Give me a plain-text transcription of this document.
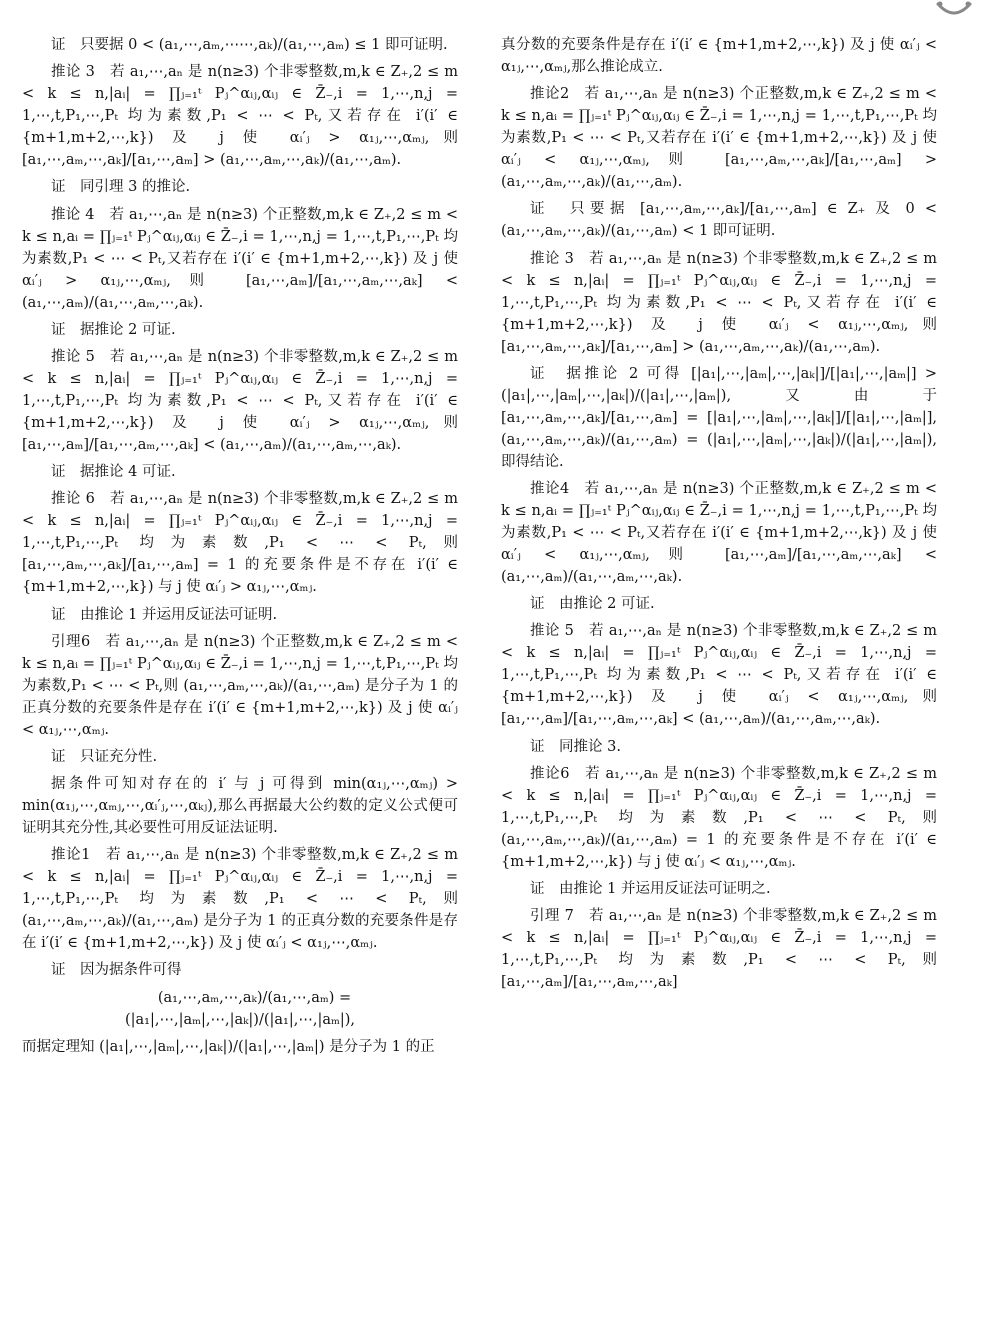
证　只要据 0 < (a₁,⋯,aₘ,⋯⋯,aₖ)/(a₁,⋯,aₘ) ≤ 1 即可证明.

推论 3　若 a₁,⋯,aₙ 是 n(n≥3) 个非零整数,m,k ∈ Z₊,2 ≤ m < k ≤ n,|aᵢ| = ∏ⱼ₌₁ᵗ Pⱼ^αᵢⱼ,αᵢⱼ ∈ Z̄₋,i = 1,⋯,n,j = 1,⋯,t,P₁,⋯,Pₜ 均为素数,P₁ < ⋯ < Pₜ,又若存在 i′(i′ ∈ {m+1,m+2,⋯,k}) 及 j 使 αᵢ′ⱼ > α₁ⱼ,⋯,αₘⱼ,则 [a₁,⋯,aₘ,⋯,aₖ]/[a₁,⋯,aₘ] > (a₁,⋯,aₘ,⋯,aₖ)/(a₁,⋯,aₘ).

证　同引理 3 的推论.

推论 4　若 a₁,⋯,aₙ 是 n(n≥3) 个正整数,m,k ∈ Z₊,2 ≤ m < k ≤ n,aᵢ = ∏ⱼ₌₁ᵗ Pⱼ^αᵢⱼ,αᵢⱼ ∈ Z̄₋,i = 1,⋯,n,j = 1,⋯,t,P₁,⋯,Pₜ 均为素数,P₁ < ⋯ < Pₜ,又若存在 i′(i′ ∈ {m+1,m+2,⋯,k}) 及 j 使 αᵢ′ⱼ > α₁ⱼ,⋯,αₘⱼ,则 [a₁,⋯,aₘ]/[a₁,⋯,aₘ,⋯,aₖ] < (a₁,⋯,aₘ)/(a₁,⋯,aₘ,⋯,aₖ).

证　据推论 2 可证.

推论 5　若 a₁,⋯,aₙ 是 n(n≥3) 个非零整数,m,k ∈ Z₊,2 ≤ m < k ≤ n,|aᵢ| = ∏ⱼ₌₁ᵗ Pⱼ^αᵢⱼ,αᵢⱼ ∈ Z̄₋,i = 1,⋯,n,j = 1,⋯,t,P₁,⋯,Pₜ 均为素数,P₁ < ⋯ < Pₜ,又若存在 i′(i′ ∈ {m+1,m+2,⋯,k}) 及 j 使 αᵢ′ⱼ > α₁ⱼ,⋯,αₘⱼ,则 [a₁,⋯,aₘ]/[a₁,⋯,aₘ,⋯,aₖ] < (a₁,⋯,aₘ)/(a₁,⋯,aₘ,⋯,aₖ).

证　据推论 4 可证.

推论 6　若 a₁,⋯,aₙ 是 n(n≥3) 个非零整数,m,k ∈ Z₊,2 ≤ m < k ≤ n,|aᵢ| = ∏ⱼ₌₁ᵗ Pⱼ^αᵢⱼ,αᵢⱼ ∈ Z̄₋,i = 1,⋯,n,j = 1,⋯,t,P₁,⋯,Pₜ 均为素数,P₁ < ⋯ < Pₜ,则 [a₁,⋯,aₘ,⋯,aₖ]/[a₁,⋯,aₘ] = 1 的充要条件是不存在 i′(i′ ∈ {m+1,m+2,⋯,k}) 与 j 使 αᵢ′ⱼ > α₁ⱼ,⋯,αₘⱼ.

证　由推论 1 并运用反证法可证明.

引理6　若 a₁,⋯,aₙ 是 n(n≥3) 个正整数,m,k ∈ Z₊,2 ≤ m < k ≤ n,aᵢ = ∏ⱼ₌₁ᵗ Pⱼ^αᵢⱼ,αᵢⱼ ∈ Z̄₋,i = 1,⋯,n,j = 1,⋯,t,P₁,⋯,Pₜ 均为素数,P₁ < ⋯ < Pₜ,则 (a₁,⋯,aₘ,⋯,aₖ)/(a₁,⋯,aₘ) 是分子为 1 的正真分数的充要条件是存在 i′(i′ ∈ {m+1,m+2,⋯,k}) 及 j 使 αᵢ′ⱼ < α₁ⱼ,⋯,αₘⱼ.

证　只证充分性.

据条件可知对存在的 i′ 与 j 可得到 min(α₁ⱼ,⋯,αₘⱼ) > min(α₁ⱼ,⋯,αₘⱼ,⋯,αᵢ′ⱼ,⋯,αₖⱼ),那么再据最大公约数的定义公式便可证明其充分性,其必要性可用反证法证明.

推论1　若 a₁,⋯,aₙ 是 n(n≥3) 个非零整数,m,k ∈ Z₊,2 ≤ m < k ≤ n,|aᵢ| = ∏ⱼ₌₁ᵗ Pⱼ^αᵢⱼ,αᵢⱼ ∈ Z̄₋,i = 1,⋯,n,j = 1,⋯,t,P₁,⋯,Pₜ 均为素数,P₁ < ⋯ < Pₜ,则 (a₁,⋯,aₘ,⋯,aₖ)/(a₁,⋯,aₘ) 是分子为 1 的正真分数的充要条件是存在 i′(i′ ∈ {m+1,m+2,⋯,k}) 及 j 使 αᵢ′ⱼ < α₁ⱼ,⋯,αₘⱼ.

证　因为据条件可得

(a₁,⋯,aₘ,⋯,aₖ)/(a₁,⋯,aₘ) = (|a₁|,⋯,|aₘ|,⋯,|aₖ|)/(|a₁|,⋯,|aₘ|),

而据定理知 (|a₁|,⋯,|aₘ|,⋯,|aₖ|)/(|a₁|,⋯,|aₘ|) 是分子为 1 的正

真分数的充要条件是存在 i′(i′ ∈ {m+1,m+2,⋯,k}) 及 j 使 αᵢ′ⱼ < α₁ⱼ,⋯,αₘⱼ,那么推论成立.

推论2　若 a₁,⋯,aₙ 是 n(n≥3) 个正整数,m,k ∈ Z₊,2 ≤ m < k ≤ n,aᵢ = ∏ⱼ₌₁ᵗ Pⱼ^αᵢⱼ,αᵢⱼ ∈ Z̄₋,i = 1,⋯,n,j = 1,⋯,t,P₁,⋯,Pₜ 均为素数,P₁ < ⋯ < Pₜ,又若存在 i′(i′ ∈ {m+1,m+2,⋯,k}) 及 j 使 αᵢ′ⱼ < α₁ⱼ,⋯,αₘⱼ,则 [a₁,⋯,aₘ,⋯,aₖ]/[a₁,⋯,aₘ] > (a₁,⋯,aₘ,⋯,aₖ)/(a₁,⋯,aₘ).

证　只要据 [a₁,⋯,aₘ,⋯,aₖ]/[a₁,⋯,aₘ] ∈ Z₊ 及 0 < (a₁,⋯,aₘ,⋯,aₖ)/(a₁,⋯,aₘ) < 1 即可证明.

推论 3　若 a₁,⋯,aₙ 是 n(n≥3) 个非零整数,m,k ∈ Z₊,2 ≤ m < k ≤ n,|aᵢ| = ∏ⱼ₌₁ᵗ Pⱼ^αᵢⱼ,αᵢⱼ ∈ Z̄₋,i = 1,⋯,n,j = 1,⋯,t,P₁,⋯,Pₜ 均为素数,P₁ < ⋯ < Pₜ,又若存在 i′(i′ ∈ {m+1,m+2,⋯,k}) 及 j 使 αᵢ′ⱼ < α₁ⱼ,⋯,αₘⱼ,则 [a₁,⋯,aₘ,⋯,aₖ]/[a₁,⋯,aₘ] > (a₁,⋯,aₘ,⋯,aₖ)/(a₁,⋯,aₘ).

证　据推论 2 可得 [|a₁|,⋯,|aₘ|,⋯,|aₖ|]/[|a₁|,⋯,|aₘ|] > (|a₁|,⋯,|aₘ|,⋯,|aₖ|)/(|a₁|,⋯,|aₘ|),又由于 [a₁,⋯,aₘ,⋯,aₖ]/[a₁,⋯,aₘ] = [|a₁|,⋯,|aₘ|,⋯,|aₖ|]/[|a₁|,⋯,|aₘ|],(a₁,⋯,aₘ,⋯,aₖ)/(a₁,⋯,aₘ) = (|a₁|,⋯,|aₘ|,⋯,|aₖ|)/(|a₁|,⋯,|aₘ|),即得结论.

推论4　若 a₁,⋯,aₙ 是 n(n≥3) 个正整数,m,k ∈ Z₊,2 ≤ m < k ≤ n,aᵢ = ∏ⱼ₌₁ᵗ Pⱼ^αᵢⱼ,αᵢⱼ ∈ Z̄₋,i = 1,⋯,n,j = 1,⋯,t,P₁,⋯,Pₜ 均为素数,P₁ < ⋯ < Pₜ,又若存在 i′(i′ ∈ {m+1,m+2,⋯,k}) 及 j 使 αᵢ′ⱼ < α₁ⱼ,⋯,αₘⱼ,则 [a₁,⋯,aₘ]/[a₁,⋯,aₘ,⋯,aₖ] < (a₁,⋯,aₘ)/(a₁,⋯,aₘ,⋯,aₖ).

证　由推论 2 可证.

推论 5　若 a₁,⋯,aₙ 是 n(n≥3) 个非零整数,m,k ∈ Z₊,2 ≤ m < k ≤ n,|aᵢ| = ∏ⱼ₌₁ᵗ Pⱼ^αᵢⱼ,αᵢⱼ ∈ Z̄₋,i = 1,⋯,n,j = 1,⋯,t,P₁,⋯,Pₜ 均为素数,P₁ < ⋯ < Pₜ,又若存在 i′(i′ ∈ {m+1,m+2,⋯,k}) 及 j 使 αᵢ′ⱼ < α₁ⱼ,⋯,αₘⱼ,则 [a₁,⋯,aₘ]/[a₁,⋯,aₘ,⋯,aₖ] < (a₁,⋯,aₘ)/(a₁,⋯,aₘ,⋯,aₖ).

证　同推论 3.

推论6　若 a₁,⋯,aₙ 是 n(n≥3) 个非零整数,m,k ∈ Z₊,2 ≤ m < k ≤ n,|aᵢ| = ∏ⱼ₌₁ᵗ Pⱼ^αᵢⱼ,αᵢⱼ ∈ Z̄₋,i = 1,⋯,n,j = 1,⋯,t,P₁,⋯,Pₜ 均为素数,P₁ < ⋯ < Pₜ,则 (a₁,⋯,aₘ,⋯,aₖ)/(a₁,⋯,aₘ) = 1 的充要条件是不存在 i′(i′ ∈ {m+1,m+2,⋯,k}) 与 j 使 αᵢ′ⱼ < α₁ⱼ,⋯,αₘⱼ.

证　由推论 1 并运用反证法可证明之.

引理 7　若 a₁,⋯,aₙ 是 n(n≥3) 个非零整数,m,k ∈ Z₊,2 ≤ m < k ≤ n,|aᵢ| = ∏ⱼ₌₁ᵗ Pⱼ^αᵢⱼ,αᵢⱼ ∈ Z̄₋,i = 1,⋯,n,j = 1,⋯,t,P₁,⋯,Pₜ 均为素数,P₁ < ⋯ < Pₜ,则 [a₁,⋯,aₘ]/[a₁,⋯,aₘ,⋯,aₖ]
